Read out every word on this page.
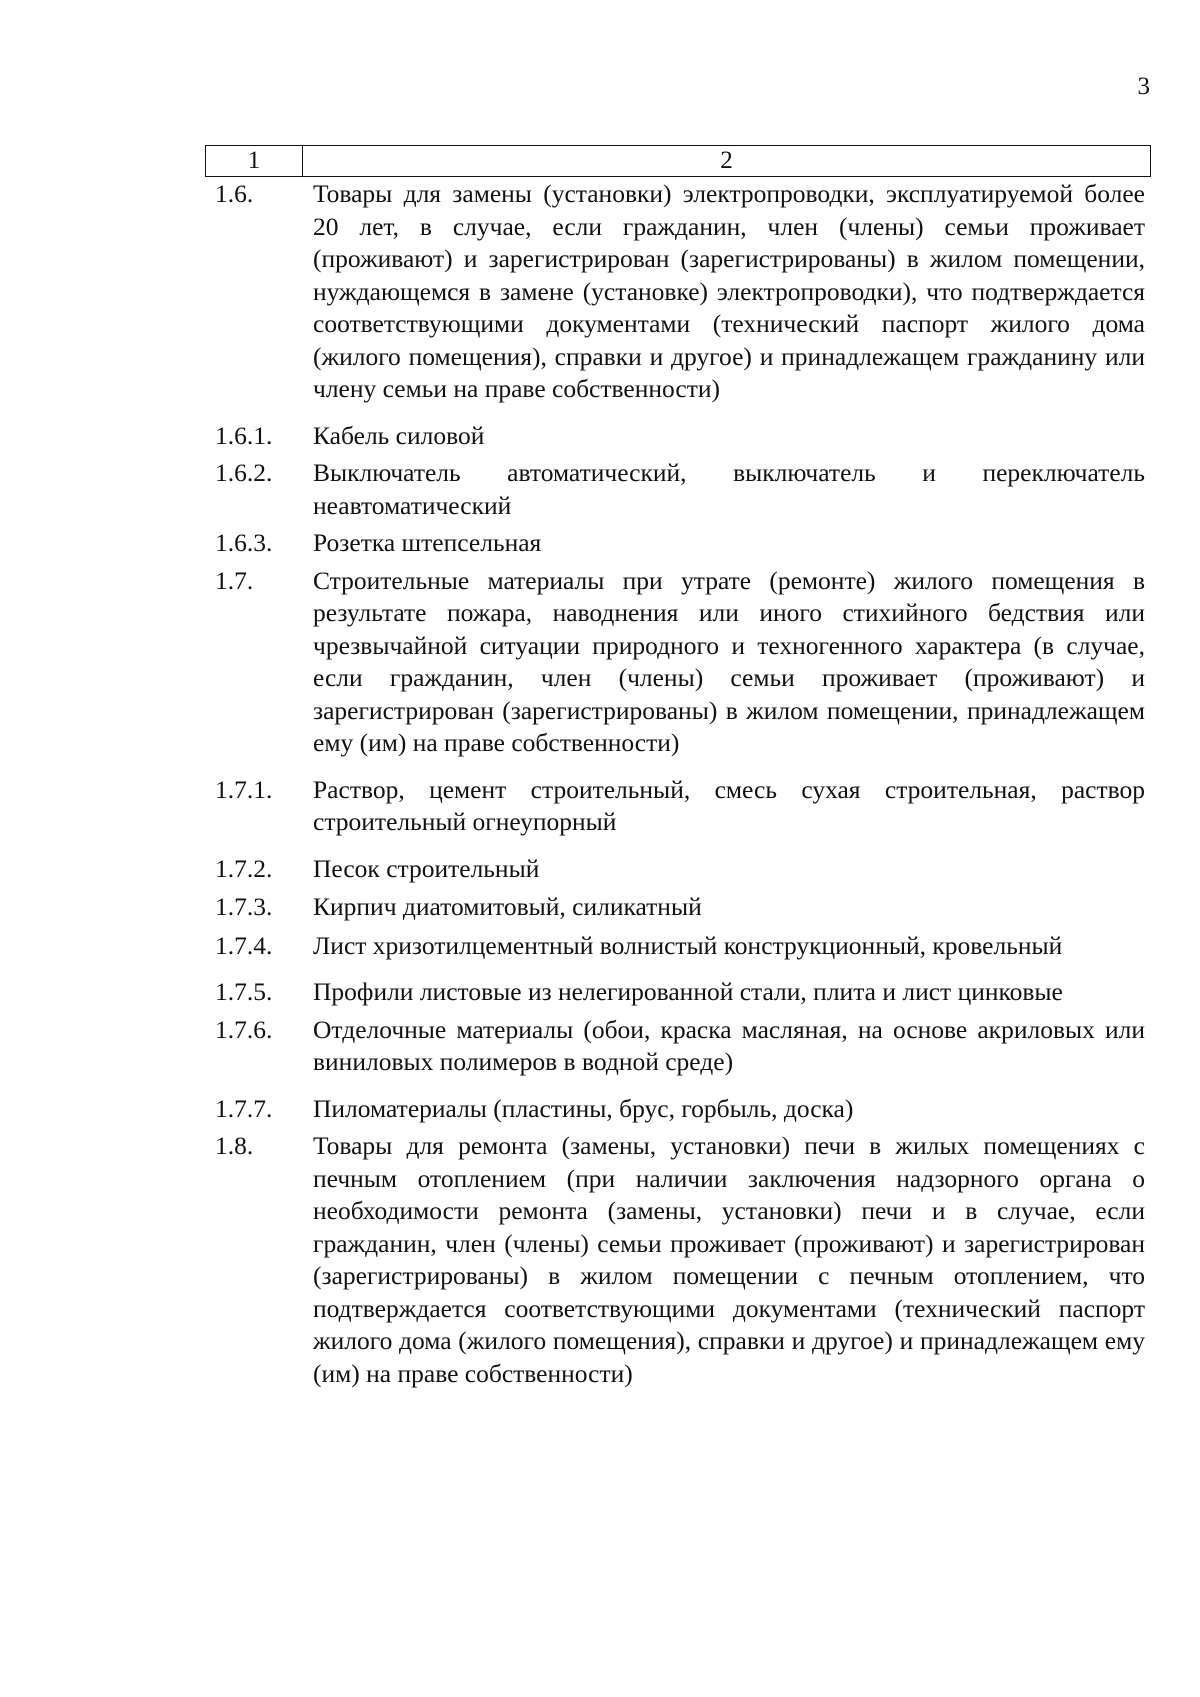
3
1	2
1.6.	Товары для замены (установки) электропроводки, эксплуатируемой более 20 лет, в случае, если гражданин, член (члены) семьи проживает (проживают) и зарегистрирован (зарегистрированы) в жилом помещении, нуждающемся в замене (установке) электропроводки), что подтверждается соответствующими документами (технический паспорт жилого дома (жилого помещения), справки и другое) и принадлежащем гражданину или члену семьи на праве собственности)
1.6.1.	Кабель силовой
1.6.2.	Выключатель автоматический, выключатель и переключатель неавтоматический
1.6.3.	Розетка штепсельная
1.7.	Строительные материалы при утрате (ремонте) жилого помещения в результате пожара, наводнения или иного стихийного бедствия или чрезвычайной ситуации природного и техногенного характера (в случае, если гражданин, член (члены) семьи проживает (проживают) и зарегистрирован (зарегистрированы) в жилом помещении, принадлежащем ему (им) на праве собственности)
1.7.1.	Раствор, цемент строительный, смесь сухая строительная, раствор строительный огнеупорный
1.7.2.	Песок строительный
1.7.3.	Кирпич диатомитовый, силикатный
1.7.4.	Лист хризотилцементный волнистый конструкционный, кровельный
1.7.5.	Профили листовые из нелегированной стали, плита и лист цинковые
1.7.6.	Отделочные материалы (обои, краска масляная, на основе акриловых или виниловых полимеров в водной среде)
1.7.7.	Пиломатериалы (пластины, брус, горбыль, доска)
1.8.	Товары для ремонта (замены, установки) печи в жилых помещениях с печным отоплением (при наличии заключения надзорного органа о необходимости ремонта (замены, установки) печи и в случае, если гражданин, член (члены) семьи проживает (проживают) и зарегистрирован (зарегистрированы) в жилом помещении с печным отоплением, что подтверждается соответствующими документами (технический паспорт жилого дома (жилого помещения), справки и другое) и принадлежащем ему (им) на праве собственности)
